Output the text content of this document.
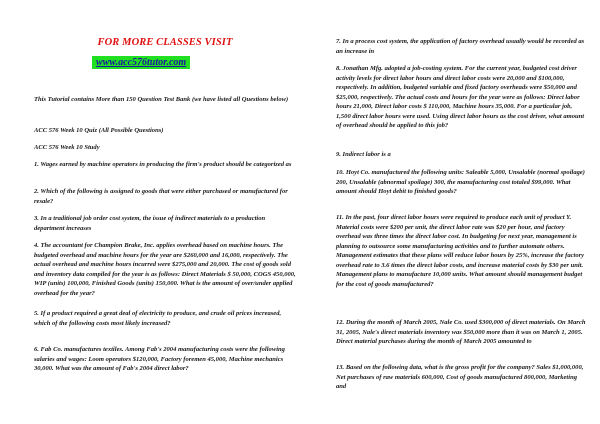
FOR MORE CLASSES VISIT
www.acc576tutor.com

This Tutorial contains More than 150 Question Test Bank (we have listed all Questions below)

ACC 576 Week 10 Quiz (All Possible Questions)

ACC 576 Week 10 Study

1. Wages earned by machine operators in producing the firm's product should be categorized as

2. Which of the following is assigned to goods that were either purchased or manufactured for resale?

3. In a traditional job order cost system, the issue of indirect materials to a production department increases

4. The accountant for Champion Brake, Inc. applies overhead based on machine hours. The budgeted overhead and machine hours for the year are $260,000 and 16,000, respectively. The actual overhead and machine hours incurred were $275,000 and 20,000. The cost of goods sold and inventory data compiled for the year is as follows: Direct Materials $ 50,000, COGS 450,000, WIP (units) 100,000, Finished Goods (units) 150,000. What is the amount of over/under applied overhead for the year?

5. If a product required a great deal of electricity to produce, and crude oil prices increased, which of the following costs most likely increased?

6. Fab Co. manufactures textiles. Among Fab's 2004 manufacturing costs were the following salaries and wages: Loom operators $120,000, Factory foremen 45,000, Machine mechanics 30,000. What was the amount of Fab's 2004 direct labor?

7. In a process cost system, the application of factory overhead usually would be recorded as an increase in

8. Jonathan Mfg. adopted a job-costing system. For the current year, budgeted cost driver activity levels for direct labor hours and direct labor costs were 20,000 and $100,000, respectively. In addition, budgeted variable and fixed factory overheads were $50,000 and $25,000, respectively. The actual costs and hours for the year were as follows: Direct labor hours 21,000, Direct labor costs $ 110,000, Machine hours 35,000. For a particular job, 1,500 direct labor hours were used. Using direct labor hours as the cost driver, what amount of overhead should be applied to this job?

9. Indirect labor is a

10. Hoyt Co. manufactured the following units: Saleable 5,000, Unsalable (normal spoilage) 200, Unsalable (abnormal spoilage) 300, the manufacturing cost totaled $99,000. What amount should Hoyt debit to finished goods?

11. In the past, four direct labor hours were required to produce each unit of product Y. Material costs were $200 per unit, the direct labor rate was $20 per hour, and factory overhead was three times the direct labor cost. In budgeting for next year, management is planning to outsource some manufacturing activities and to further automate others. Management estimates that these plans will reduce labor hours by 25%, increase the factory overhead rate to 3.6 times the direct labor costs, and increase material costs by $30 per unit. Management plans to manufacture 10,000 units. What amount should management budget for the cost of goods manufactured?

12. During the month of March 2005, Nale Co. used $300,000 of direct materials. On March 31, 2005, Nale's direct materials inventory was $50,000 more than it was on March 1, 2005. Direct material purchases during the month of March 2005 amounted to

13. Based on the following data, what is the gross profit for the company? Sales $1,000,000, Net purchases of raw materials 600,000, Cost of goods manufactured 800,000, Marketing and
